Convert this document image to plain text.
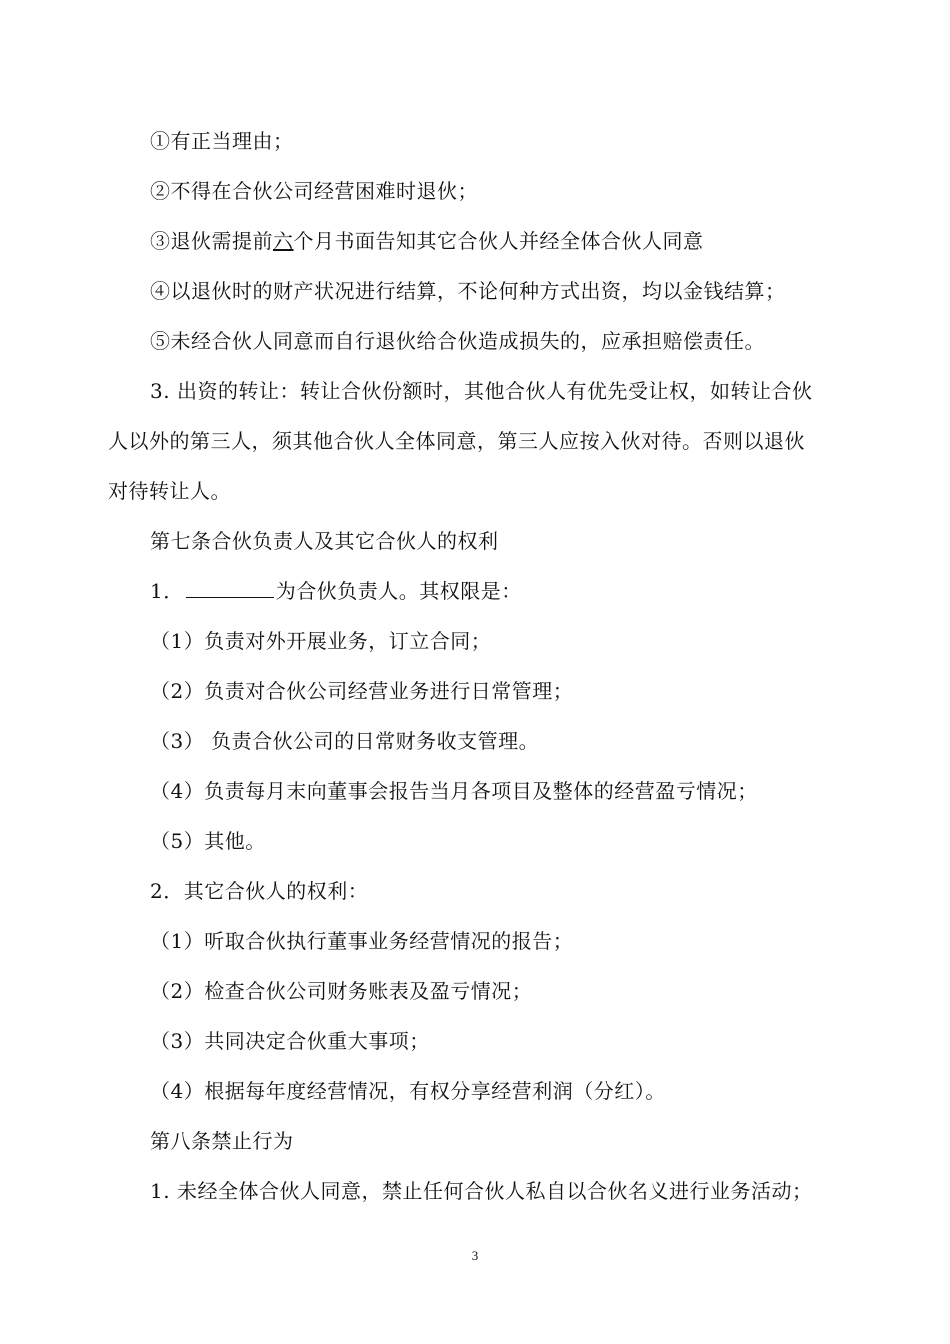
①有正当理由；
②不得在合伙公司经营困难时退伙；
③退伙需提前六个月书面告知其它合伙人并经全体合伙人同意
④以退伙时的财产状况进行结算，不论何种方式出资，均以金钱结算；
⑤未经合伙人同意而自行退伙给合伙造成损失的，应承担赔偿责任。
3. 出资的转让：转让合伙份额时，其他合伙人有优先受让权，如转让合伙
人以外的第三人，须其他合伙人全体同意，第三人应按入伙对待。否则以退伙
对待转让人。
第七条合伙负责人及其它合伙人的权利
1．	为合伙负责人。其权限是：
（1）负责对外开展业务，订立合同；
（2）负责对合伙公司经营业务进行日常管理；
（3） 负责合伙公司的日常财务收支管理。
（4）负责每月末向董事会报告当月各项目及整体的经营盈亏情况；
（5）其他。
2．其它合伙人的权利：
（1）听取合伙执行董事业务经营情况的报告；
（2）检查合伙公司财务账表及盈亏情况；
（3）共同决定合伙重大事项；
（4）根据每年度经营情况，有权分享经营利润（分红）。
第八条禁止行为
1. 未经全体合伙人同意，禁止任何合伙人私自以合伙名义进行业务活动；
3
